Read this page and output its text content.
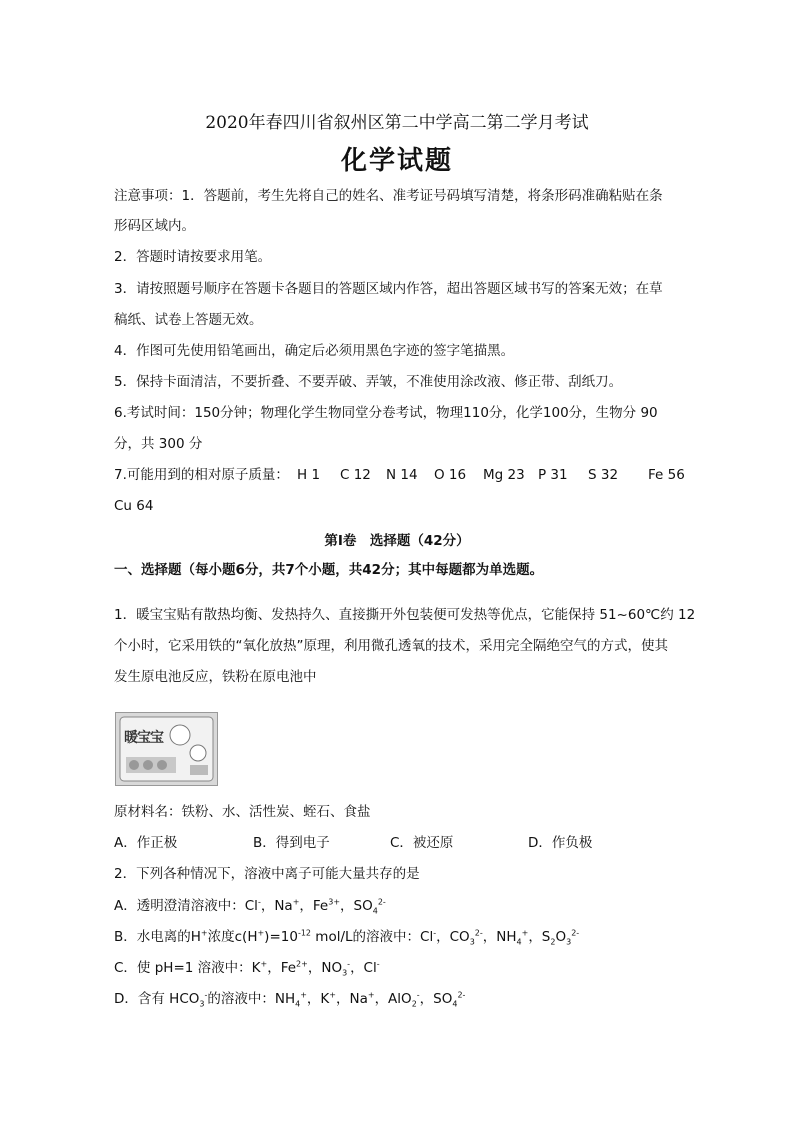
2020年春四川省叙州区第二中学高二第二学月考试
化学试题
注意事项：1．答题前，考生先将自己的姓名、准考证号码填写清楚，将条形码准确粘贴在条
形码区域内。
2．答题时请按要求用笔。
3．请按照题号顺序在答题卡各题目的答题区域内作答，超出答题区域书写的答案无效；在草
稿纸、试卷上答题无效。
4．作图可先使用铅笔画出，确定后必须用黑色字迹的签字笔描黑。
5．保持卡面清洁，不要折叠、不要弄破、弄皱，不准使用涂改液、修正带、刮纸刀。
6.考试时间：150分钟；物理化学生物同堂分卷考试，物理110分，化学100分，生物分 90
分，共 300 分
7.可能用到的相对原子质量： H 1 C 12 N 14 O 16 Mg 23 P 31 S 32 Fe 56
Cu 64
第Ⅰ卷　选择题（42分）
一、选择题（每小题6分，共7个小题，共42分；其中每题都为单选题。
1．暖宝宝贴有散热均衡、发热持久、直接撕开外包装便可发热等优点，它能保持 51~60℃约 12
个小时，它采用铁的“氧化放热”原理，利用微孔透氧的技术，采用完全隔绝空气的方式，使其
发生原电池反应，铁粉在原电池中
暖宝宝
原材料名：铁粉、水、活性炭、蛭石、食盐
A．作正极	B．得到电子	C．被还原	D．作负极
2．下列各种情况下，溶液中离子可能大量共存的是
A．透明澄清溶液中：Cl-，Na+，$Fe^{3+}$，$SO_4^{2-}$
B．水电离的H+浓度$c(H^+)=10^{-12}$ mol/L的溶液中：Cl-，$CO_3^{2-}$，$NH_4^+$，$S_2O_3^{2-}$
C．使 pH=1 溶液中：K+，$Fe^{2+}$，$NO_3^-$，Cl-
D．含有 $HCO_3^-$的溶液中：$NH_4^+$，K+，Na+，AlO$_2$-，$SO_4^{2-}$
